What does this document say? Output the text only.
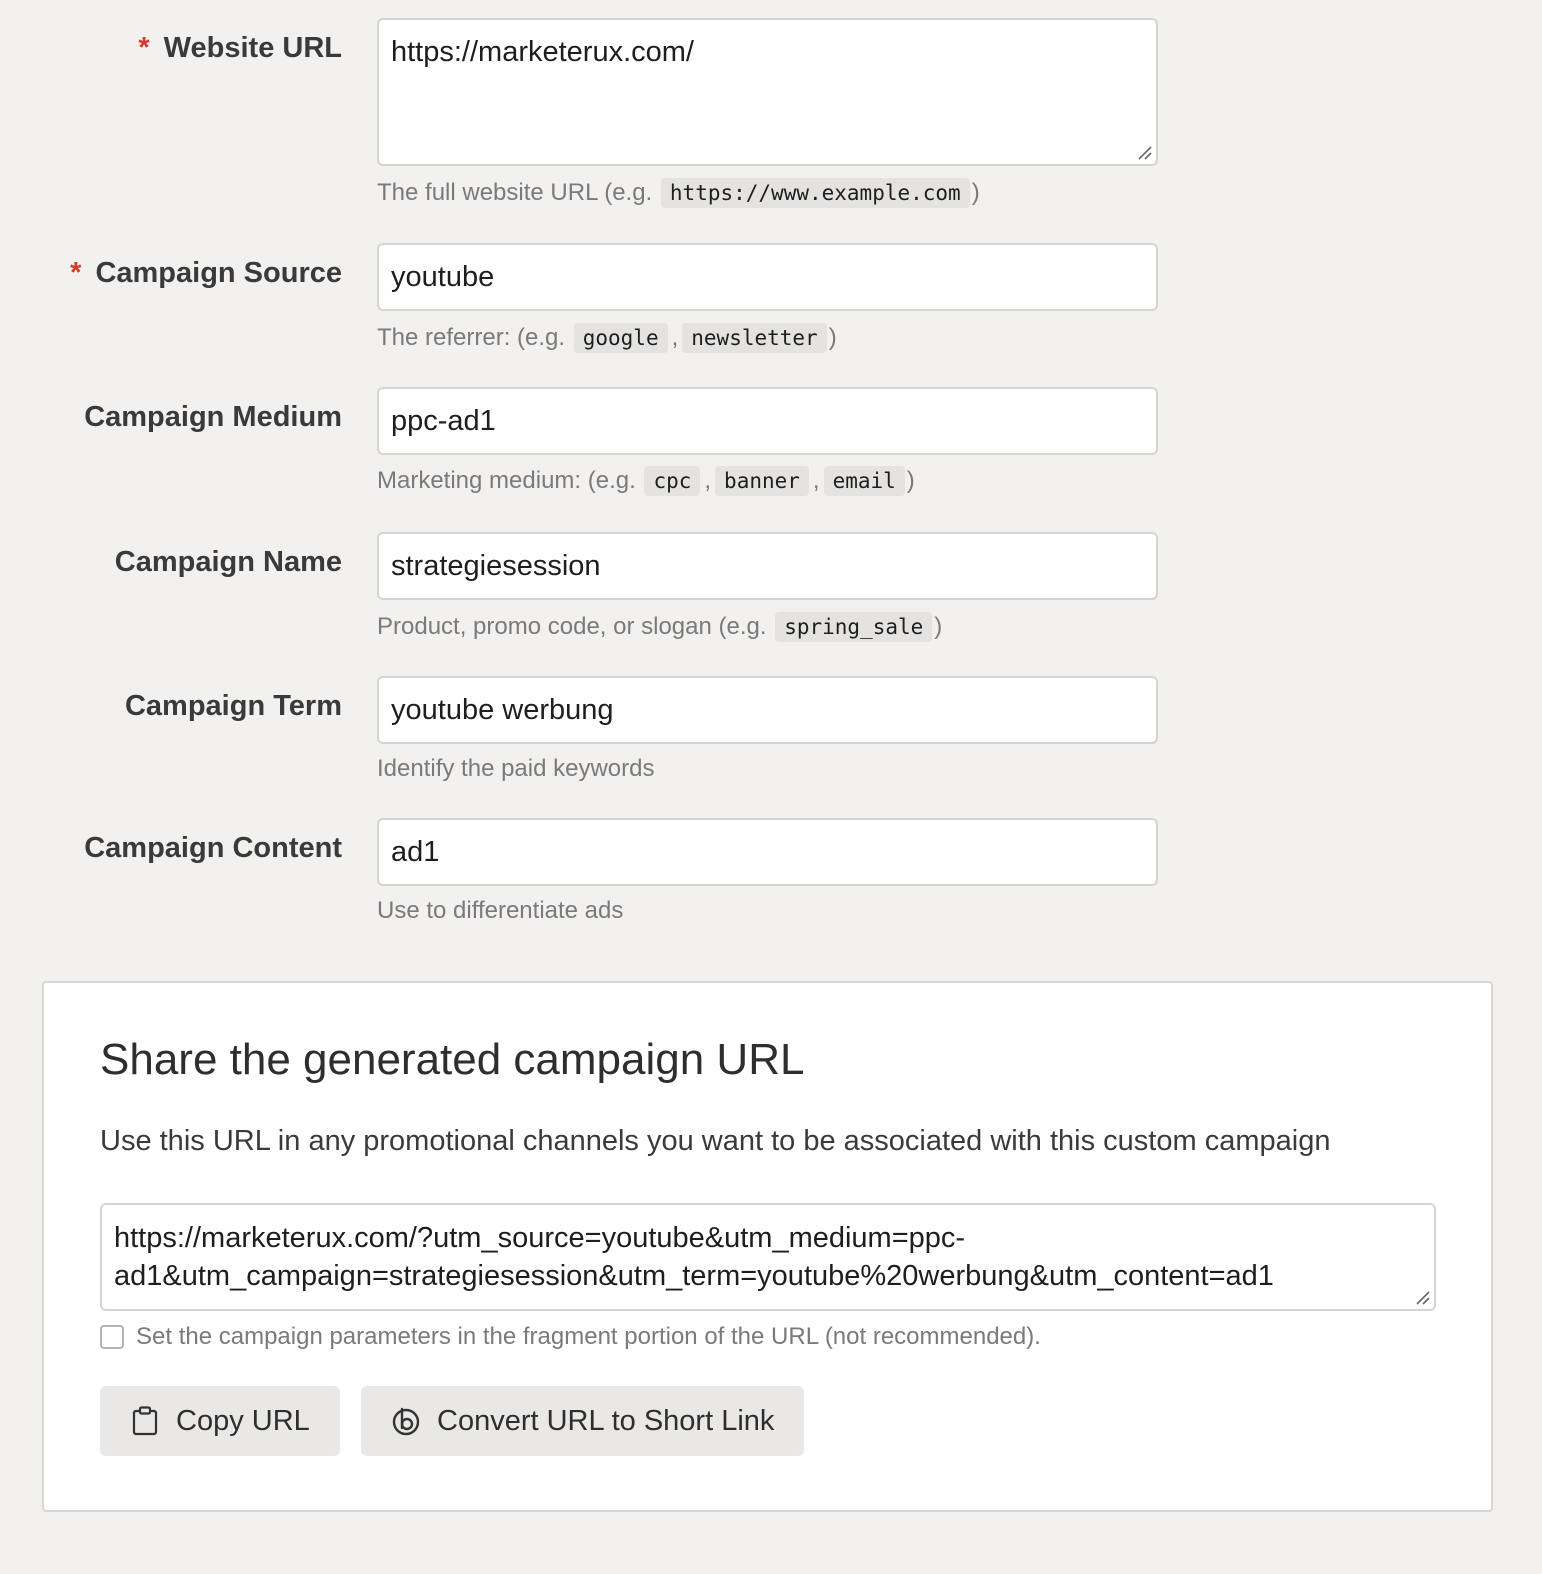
* Website URL https://marketerux.com/
The full website URL (e.g.
https://www.example.com )
* Campaign Source youtube
The referrer: (e.g.
google , newsletter )
Campaign Medium ppc-ad1
Marketing medium: (e.g.
cpc , banner , email )
Campaign Name strategiesession
Product, promo code, or slogan (e.g.
spring_sale )
Campaign Term youtube werbung
Identify the paid keywords
Campaign Content ad1
Use to differentiate ads
Share the generated campaign URL
Use this URL in any promotional channels you want to be associated with this custom campaign
https://marketerux.com/?utm_source=youtube&utm_medium=ppc-
ad1&utm_campaign=strategiesession&utm_term=youtube%20werbung&utm_content=ad1
Set the campaign parameters in the fragment portion of the URL (not recommended).
Copy URL	Convert URL to Short Link
